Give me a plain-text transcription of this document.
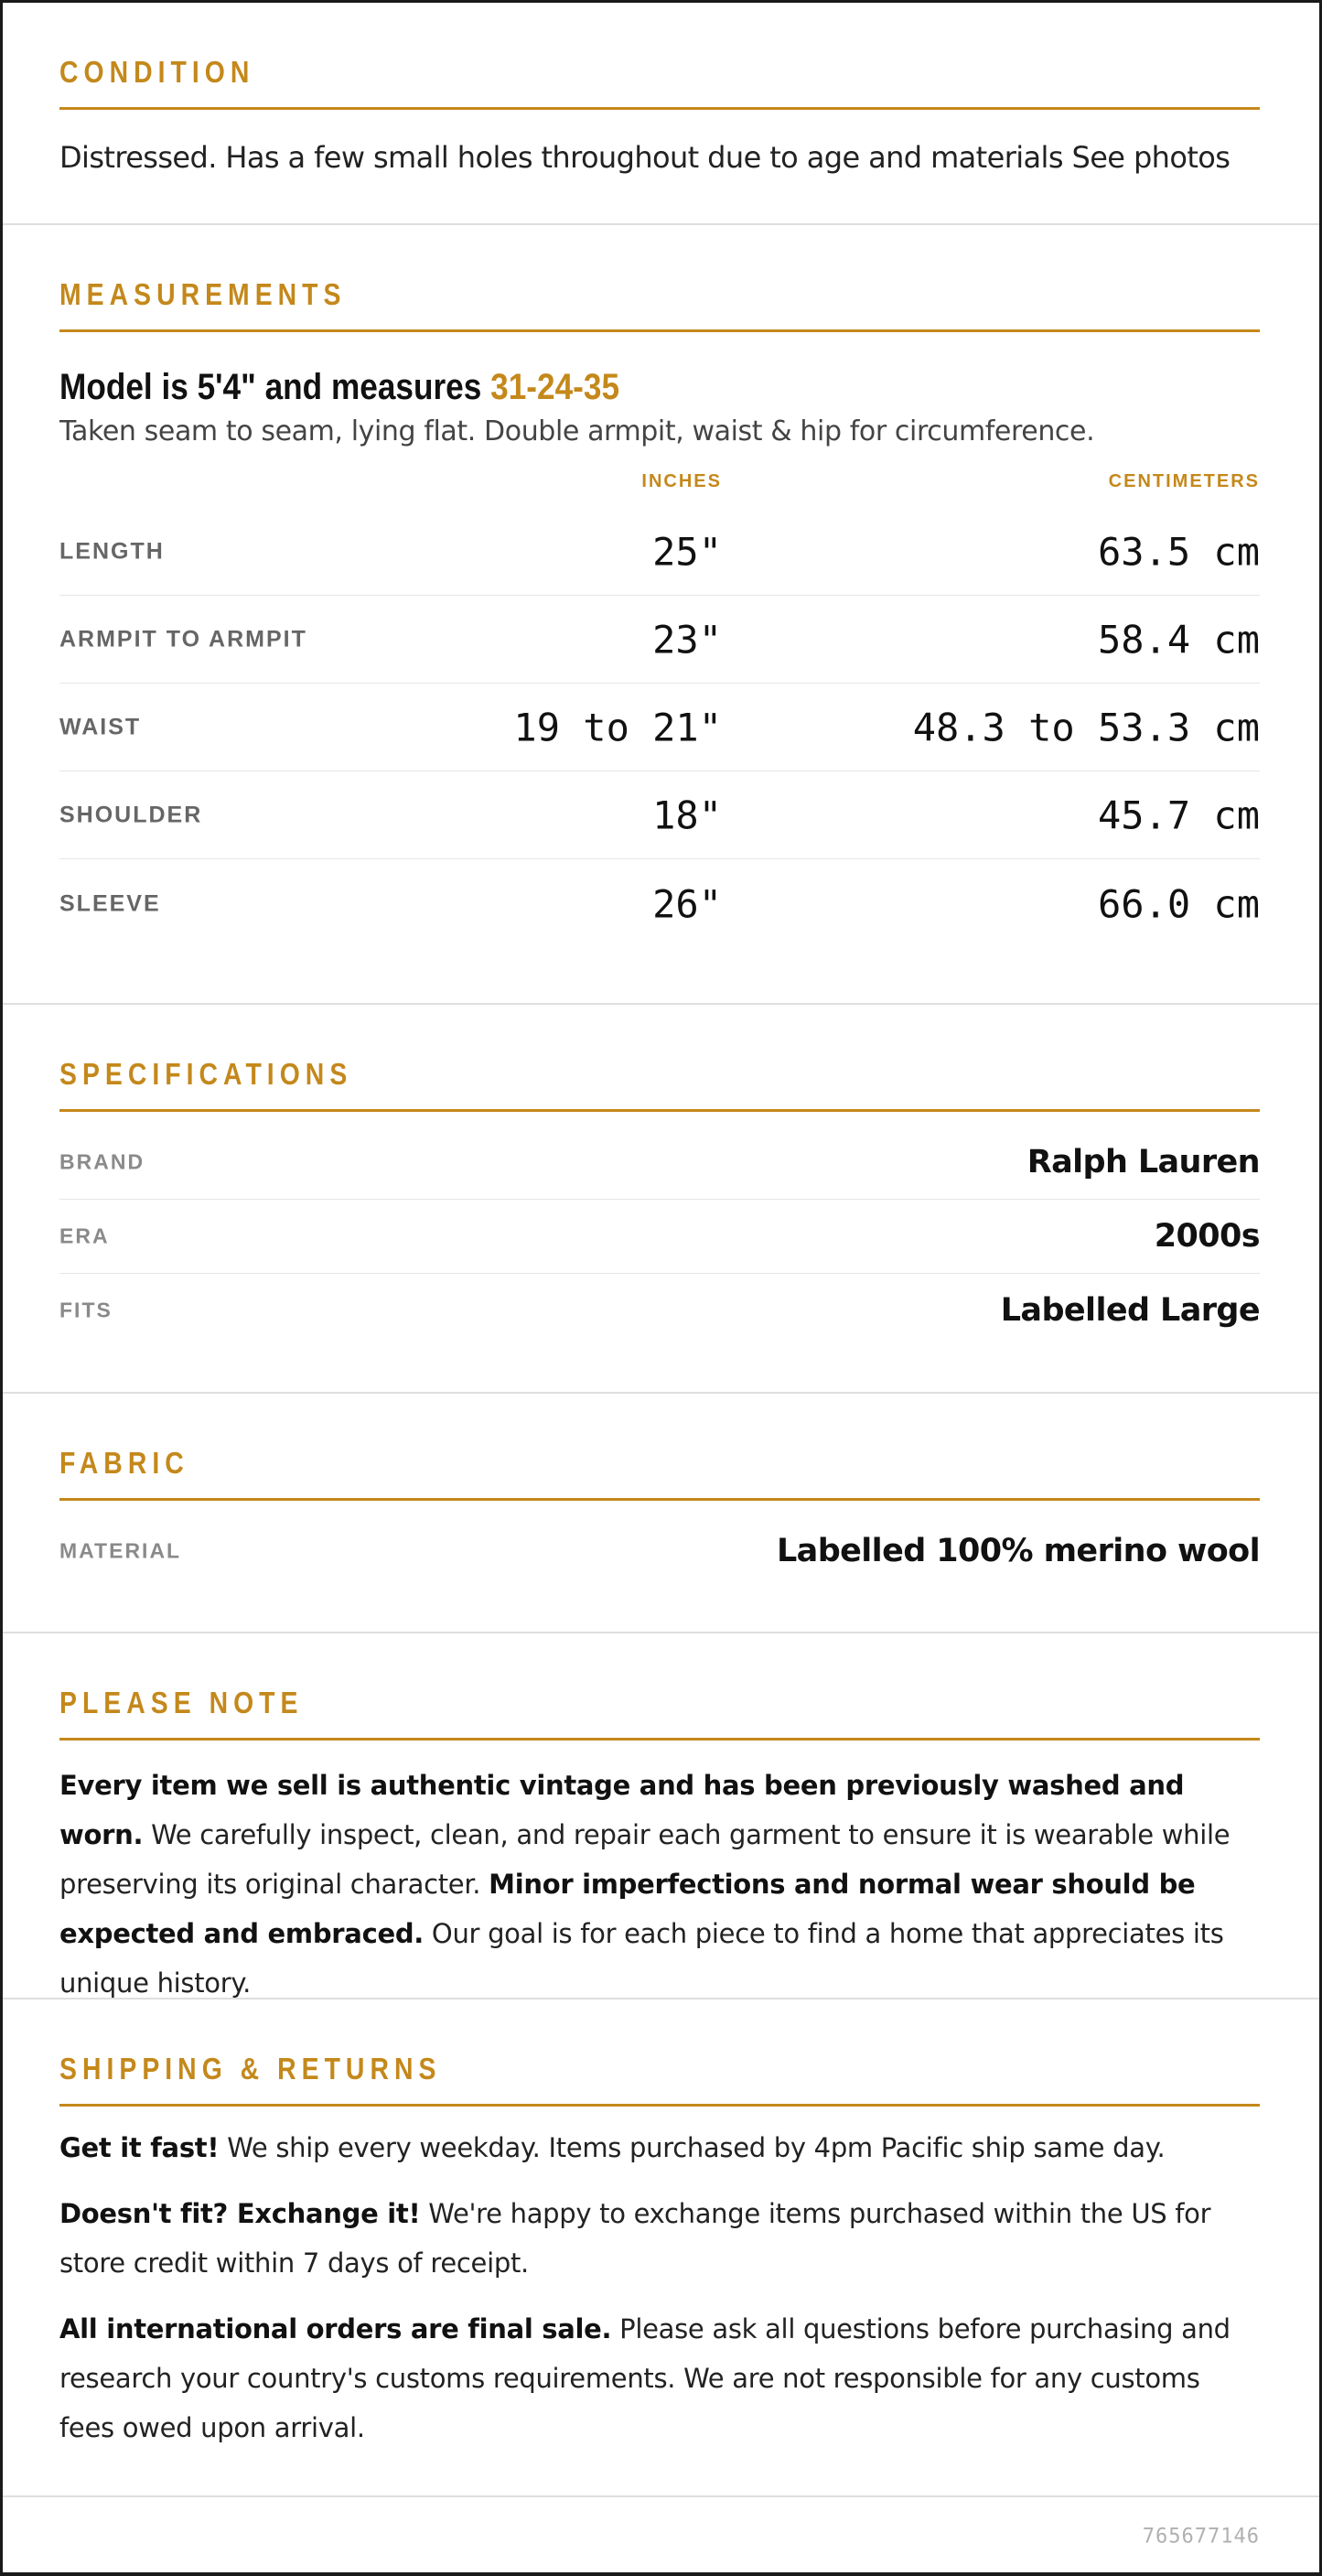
CONDITION
Distressed. Has a few small holes throughout due to age and materials See photos
MEASUREMENTS
Model is 5'4" and measures 31-24-35
Taken seam to seam, lying flat. Double armpit, waist & hip for circumference.
INCHES	CENTIMETERS
LENGTH	25"	63.5 cm
ARMPIT TO ARMPIT	23"	58.4 cm
WAIST	19 to 21"	48.3 to 53.3 cm
SHOULDER	18"	45.7 cm
SLEEVE	26"	66.0 cm
SPECIFICATIONS
BRAND	Ralph Lauren
ERA	2000s
FITS	Labelled Large
FABRIC
MATERIAL	Labelled 100% merino wool
PLEASE NOTE

Every item we sell is authentic vintage and has been previously washed and worn. We carefully inspect, clean, and repair each garment to ensure it is wearable while preserving its original character. Minor imperfections and normal wear should be expected and embraced. Our goal is for each piece to find a home that appreciates its unique history.

SHIPPING & RETURNS

Get it fast! We ship every weekday. Items purchased by 4pm Pacific ship same day.

Doesn't fit? Exchange it! We're happy to exchange items purchased within the US for store credit within 7 days of receipt.

All international orders are final sale. Please ask all questions before purchasing and research your country's customs requirements. We are not responsible for any customs fees owed upon arrival.

765677146
